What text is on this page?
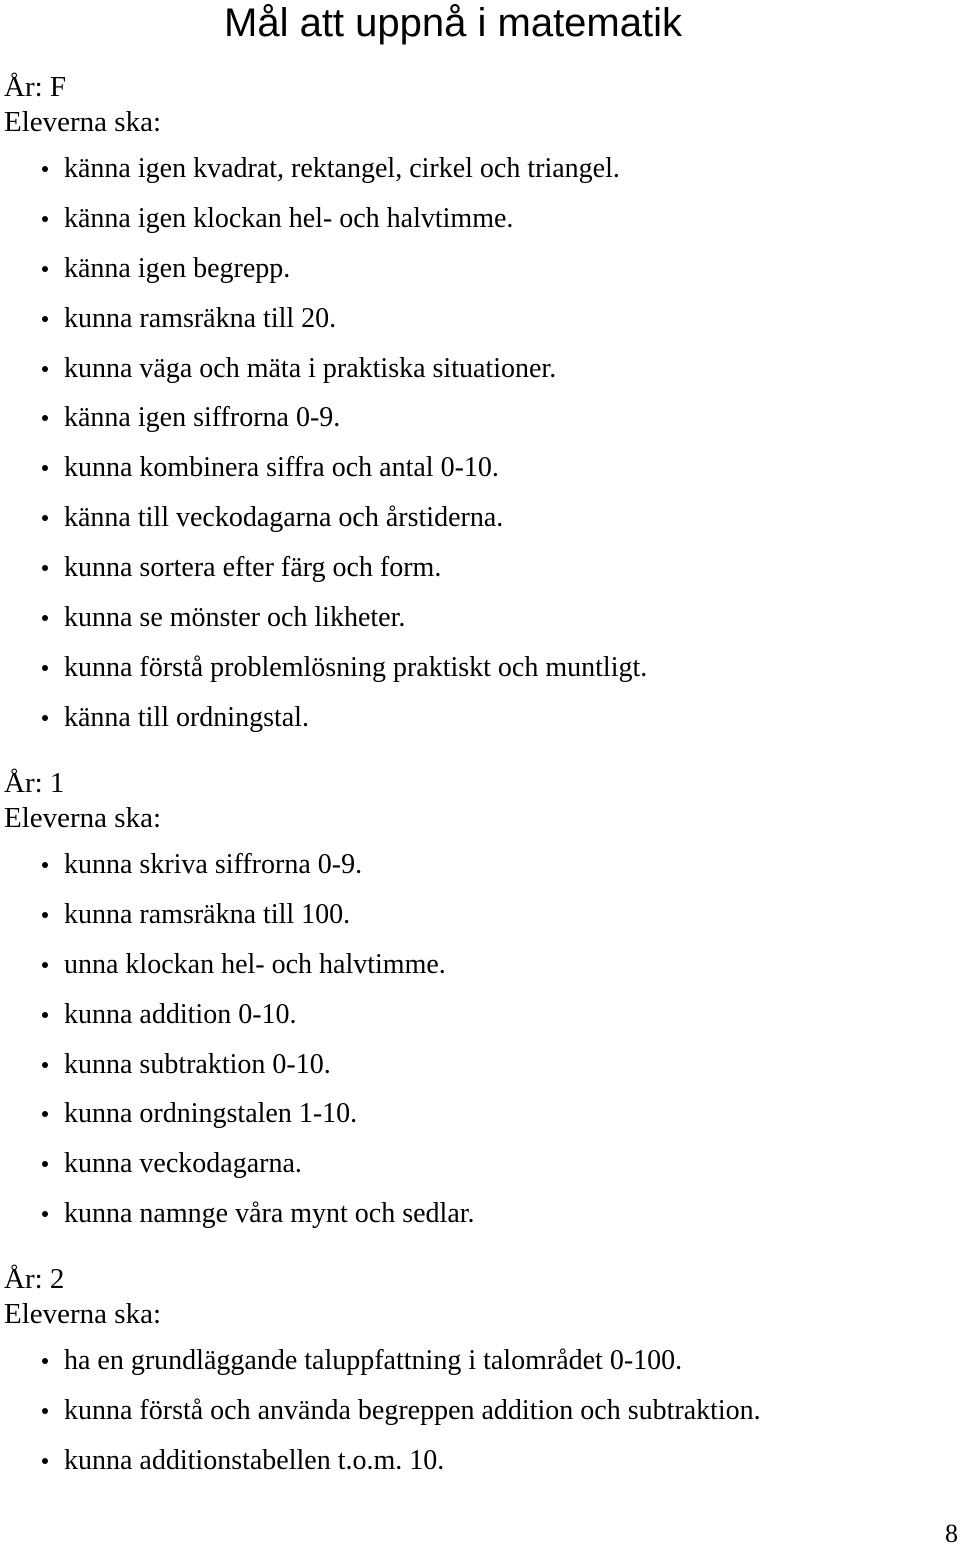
Mål att uppnå i matematik
År: F
Eleverna ska:
känna igen kvadrat, rektangel, cirkel och triangel.
känna igen klockan hel- och halvtimme.
känna igen begrepp.
kunna ramsräkna till 20.
kunna väga och mäta i praktiska situationer.
känna igen siffrorna 0-9.
kunna kombinera siffra och antal 0-10.
känna till veckodagarna och årstiderna.
kunna sortera efter färg och form.
kunna se mönster och likheter.
kunna förstå problemlösning praktiskt och muntligt.
känna till ordningstal.
År: 1
Eleverna ska:
kunna skriva siffrorna 0-9.
kunna ramsräkna till 100.
unna klockan hel- och halvtimme.
kunna addition 0-10.
kunna subtraktion 0-10.
kunna ordningstalen 1-10.
kunna veckodagarna.
kunna namnge våra mynt och sedlar.
År: 2
Eleverna ska:
ha en grundläggande taluppfattning i talområdet 0-100.
kunna förstå och använda begreppen addition och subtraktion.
kunna additionstabellen t.o.m. 10.
8
